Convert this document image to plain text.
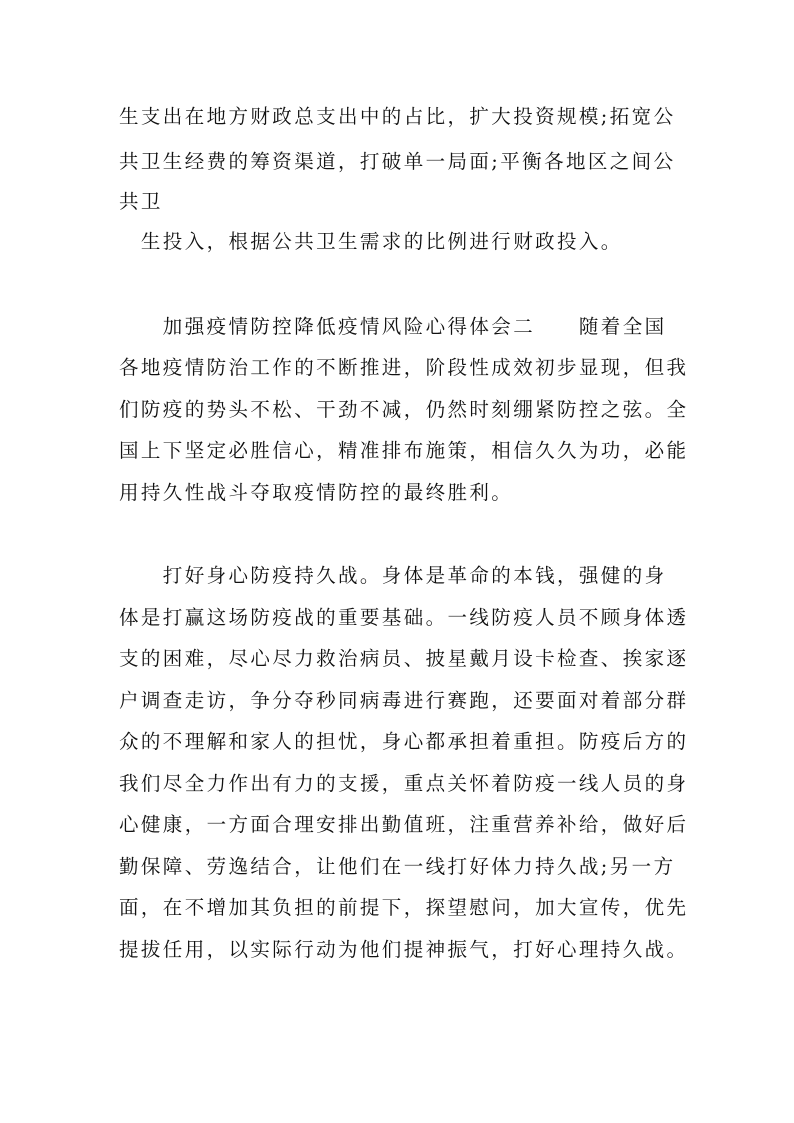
生支出在地方财政总支出中的占比，扩大投资规模;拓宽公
共卫生经费的筹资渠道，打破单一局面;平衡各地区之间公
共卫
　生投入，根据公共卫生需求的比例进行财政投入。
　　加强疫情防控降低疫情风险心得体会二　　随着全国
各地疫情防治工作的不断推进，阶段性成效初步显现，但我
们防疫的势头不松、干劲不减，仍然时刻绷紧防控之弦。全
国上下坚定必胜信心，精准排布施策，相信久久为功，必能
用持久性战斗夺取疫情防控的最终胜利。
　　打好身心防疫持久战。身体是革命的本钱，强健的身
体是打赢这场防疫战的重要基础。一线防疫人员不顾身体透
支的困难，尽心尽力救治病员、披星戴月设卡检查、挨家逐
户调查走访，争分夺秒同病毒进行赛跑，还要面对着部分群
众的不理解和家人的担忧，身心都承担着重担。防疫后方的
我们尽全力作出有力的支援，重点关怀着防疫一线人员的身
心健康，一方面合理安排出勤值班，注重营养补给，做好后
勤保障、劳逸结合，让他们在一线打好体力持久战;另一方
面，在不增加其负担的前提下，探望慰问，加大宣传，优先
提拔任用，以实际行动为他们提神振气，打好心理持久战。
